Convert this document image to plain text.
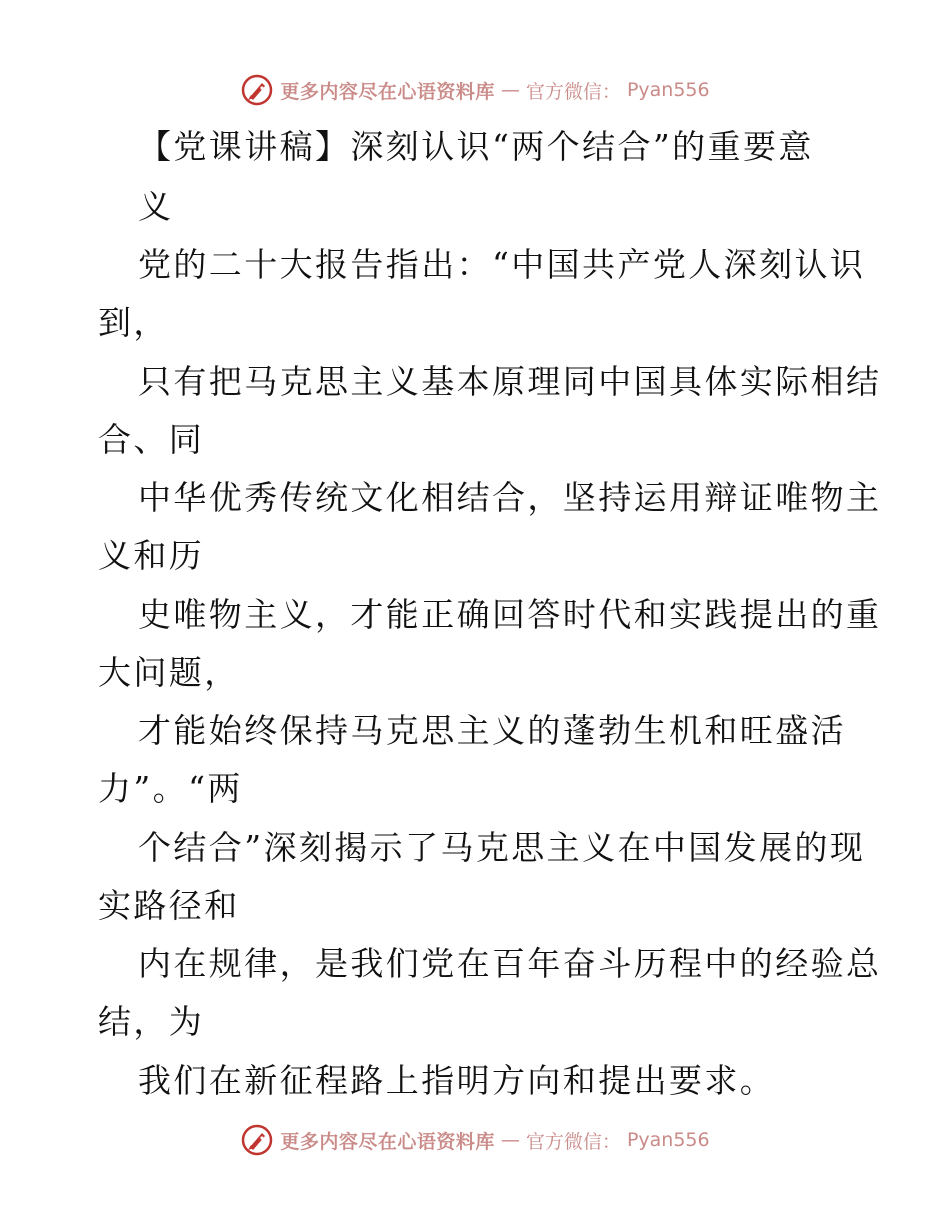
更多内容尽在心语资料库 — 官方微信： Pyan556
【党课讲稿】深刻认识“两个结合”的重要意
义
党的二十大报告指出：“中国共产党人深刻认识
到，
只有把马克思主义基本原理同中国具体实际相结
合、同
中华优秀传统文化相结合，坚持运用辩证唯物主
义和历
史唯物主义，才能正确回答时代和实践提出的重
大问题，
才能始终保持马克思主义的蓬勃生机和旺盛活
力”。“两
个结合”深刻揭示了马克思主义在中国发展的现
实路径和
内在规律，是我们党在百年奋斗历程中的经验总
结，为
我们在新征程路上指明方向和提出要求。
更多内容尽在心语资料库 — 官方微信： Pyan556
